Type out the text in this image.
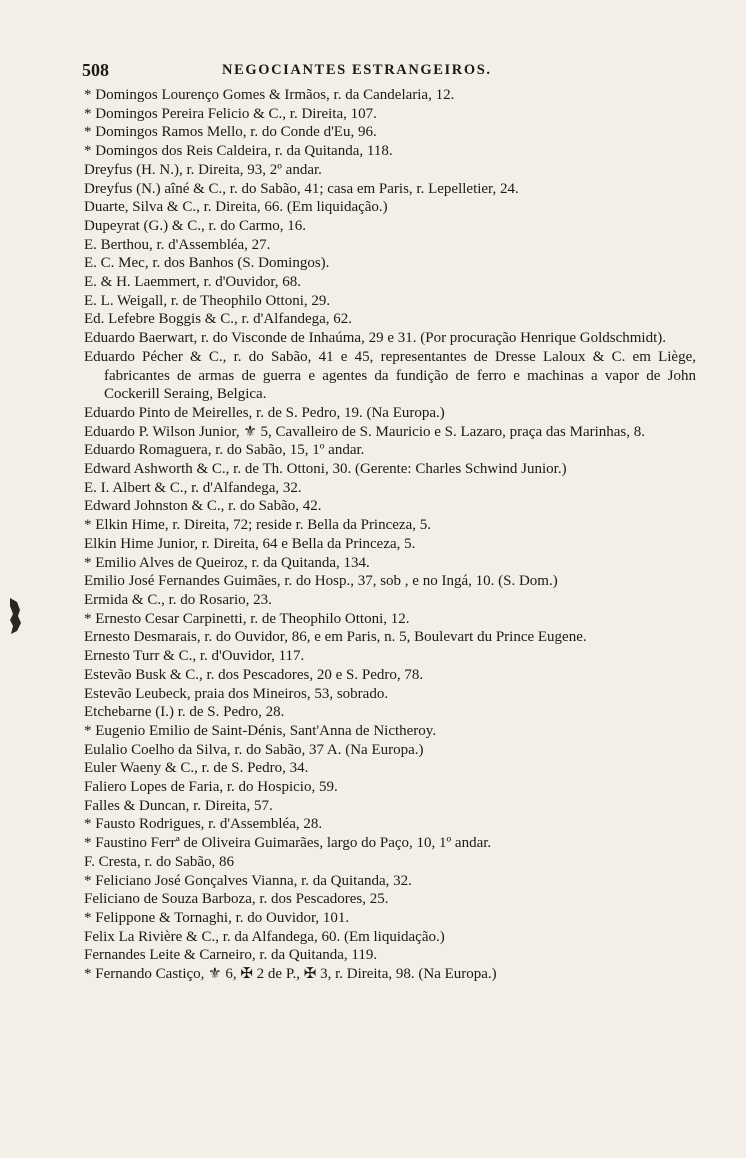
508	NEGOCIANTES ESTRANGEIROS.
* Domingos Lourenço Gomes & Irmãos, r. da Candelaria, 12.
* Domingos Pereira Felicio & C., r. Direita, 107.
* Domingos Ramos Mello, r. do Conde d'Eu, 96.
* Domingos dos Reis Caldeira, r. da Quitanda, 118.
Dreyfus (H. N.), r. Direita, 93, 2º andar.
Dreyfus (N.) aîné & C., r. do Sabão, 41; casa em Paris, r. Lepelletier, 24.
Duarte, Silva & C., r. Direita, 66. (Em liquidação.)
Dupeyrat (G.) & C., r. do Carmo, 16.
E. Berthou, r. d'Assembléa, 27.
E. C. Mec, r. dos Banhos (S. Domingos).
E. & H. Laemmert, r. d'Ouvidor, 68.
E. L. Weigall, r. de Theophilo Ottoni, 29.
Ed. Lefebre Boggis & C., r. d'Alfandega, 62.
Eduardo Baerwart, r. do Visconde de Inhaúma, 29 e 31. (Por procuração Henrique Goldschmidt).
Eduardo Pécher & C., r. do Sabão, 41 e 45, representantes de Dresse Laloux & C. em Liège, fabricantes de armas de guerra e agentes da fundição de ferro e machinas a vapor de John Cockerill Seraing, Belgica.
Eduardo Pinto de Meirelles, r. de S. Pedro, 19. (Na Europa.)
Eduardo P. Wilson Junior, ⚜ 5, Cavalleiro de S. Mauricio e S. Lazaro, praça das Marinhas, 8.
Eduardo Romaguera, r. do Sabão, 15, 1º andar.
Edward Ashworth & C., r. de Th. Ottoni, 30. (Gerente: Charles Schwind Junior.)
E. I. Albert & C., r. d'Alfandega, 32.
Edward Johnston & C., r. do Sabão, 42.
* Elkin Hime, r. Direita, 72; reside r. Bella da Princeza, 5.
Elkin Hime Junior, r. Direita, 64 e Bella da Princeza, 5.
* Emilio Alves de Queiroz, r. da Quitanda, 134.
Emilio José Fernandes Guimães, r. do Hosp., 37, sob , e no Ingá, 10. (S. Dom.)
Ermida & C., r. do Rosario, 23.
* Ernesto Cesar Carpinetti, r. de Theophilo Ottoni, 12.
Ernesto Desmarais, r. do Ouvidor, 86, e em Paris, n. 5, Boulevart du Prince Eugene.
Ernesto Turr & C., r. d'Ouvidor, 117.
Estevão Busk & C., r. dos Pescadores, 20 e S. Pedro, 78.
Estevão Leubeck, praia dos Mineiros, 53, sobrado.
Etchebarne (I.) r. de S. Pedro, 28.
* Eugenio Emilio de Saint-Dénis, Sant'Anna de Nictheroy.
Eulalio Coelho da Silva, r. do Sabão, 37 A. (Na Europa.)
Euler Waeny & C., r. de S. Pedro, 34.
Faliero Lopes de Faria, r. do Hospicio, 59.
Falles & Duncan, r. Direita, 57.
* Fausto Rodrigues, r. d'Assembléa, 28.
* Faustino Ferrª de Oliveira Guimarães, largo do Paço, 10, 1º andar.
F. Cresta, r. do Sabão, 86
* Feliciano José Gonçalves Vianna, r. da Quitanda, 32.
Feliciano de Souza Barboza, r. dos Pescadores, 25.
* Felippone & Tornaghi, r. do Ouvidor, 101.
Felix La Rivière & C., r. da Alfandega, 60. (Em liquidação.)
Fernandes Leite & Carneiro, r. da Quitanda, 119.
* Fernando Castiço, ⚜ 6, ✠ 2 de P., ✠ 3, r. Direita, 98. (Na Europa.)
